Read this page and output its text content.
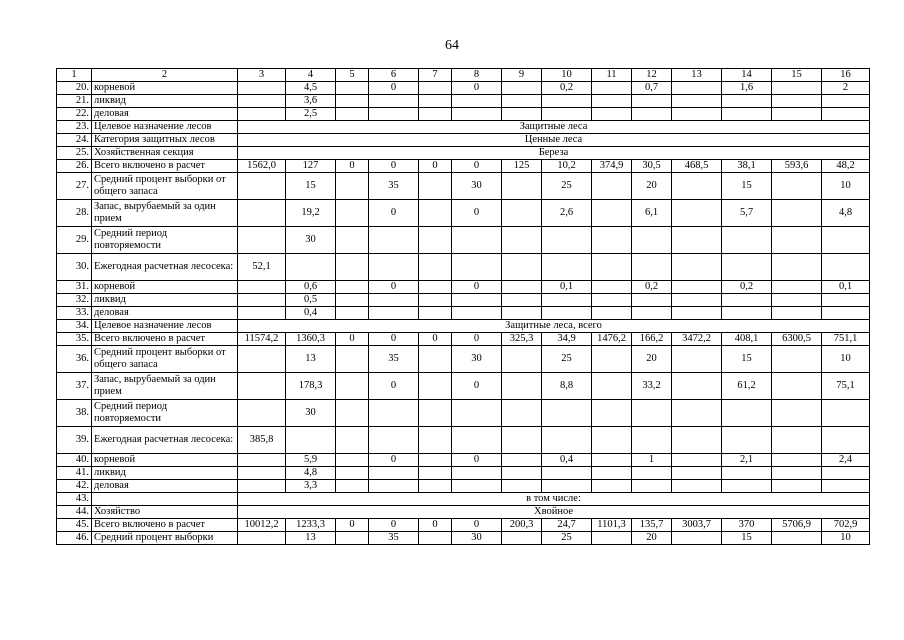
64
1	2	3	4	5	6	7	8	9	10	11	12	13	14	15	16
20.	корневой		4,5		0		0		0,2		0,7		1,6		2
21.	ликвид		3,6												
22.	деловая		2,5												
23.	Целевое назначение лесов	Защитные леса													
24.	Категория защитных лесов	Ценные леса													
25.	Хозяйственная секция	Береза													
26.	Всего включено в расчет	1562,0	127	0	0	0	0	125	10,2	374,9	30,5	468,5	38,1	593,6	48,2
27.	Средний процент выборки от общего запаса		15		35		30		25		20		15		10
28.	Запас, вырубаемый за один прием		19,2		0		0		2,6		6,1		5,7		4,8
29.	Средний период повторяемости		30												
30.	Ежегодная расчетная лесосека:	52,1													
31.	корневой		0,6		0		0		0,1		0,2		0,2		0,1
32.	ликвид		0,5												
33.	деловая		0,4												
34.	Целевое назначение лесов	Защитные леса, всего													
35.	Всего включено в расчет	11574,2	1360,3	0	0	0	0	325,3	34,9	1476,2	166,2	3472,2	408,1	6300,5	751,1
36.	Средний процент выборки от общего запаса		13		35		30		25		20		15		10
37.	Запас, вырубаемый за один прием		178,3		0		0		8,8		33,2		61,2		75,1
38.	Средний период повторяемости		30												
39.	Ежегодная расчетная лесосека:	385,8													
40.	корневой		5,9		0		0		0,4		1		2,1		2,4
41.	ликвид		4,8												
42.	деловая		3,3												
43.		в том числе:													
44.	Хозяйство	Хвойное													
45.	Всего включено в расчет	10012,2	1233,3	0	0	0	0	200,3	24,7	1101,3	135,7	3003,7	370	5706,9	702,9
46.	Средний процент выборки		13		35		30		25		20		15		10
